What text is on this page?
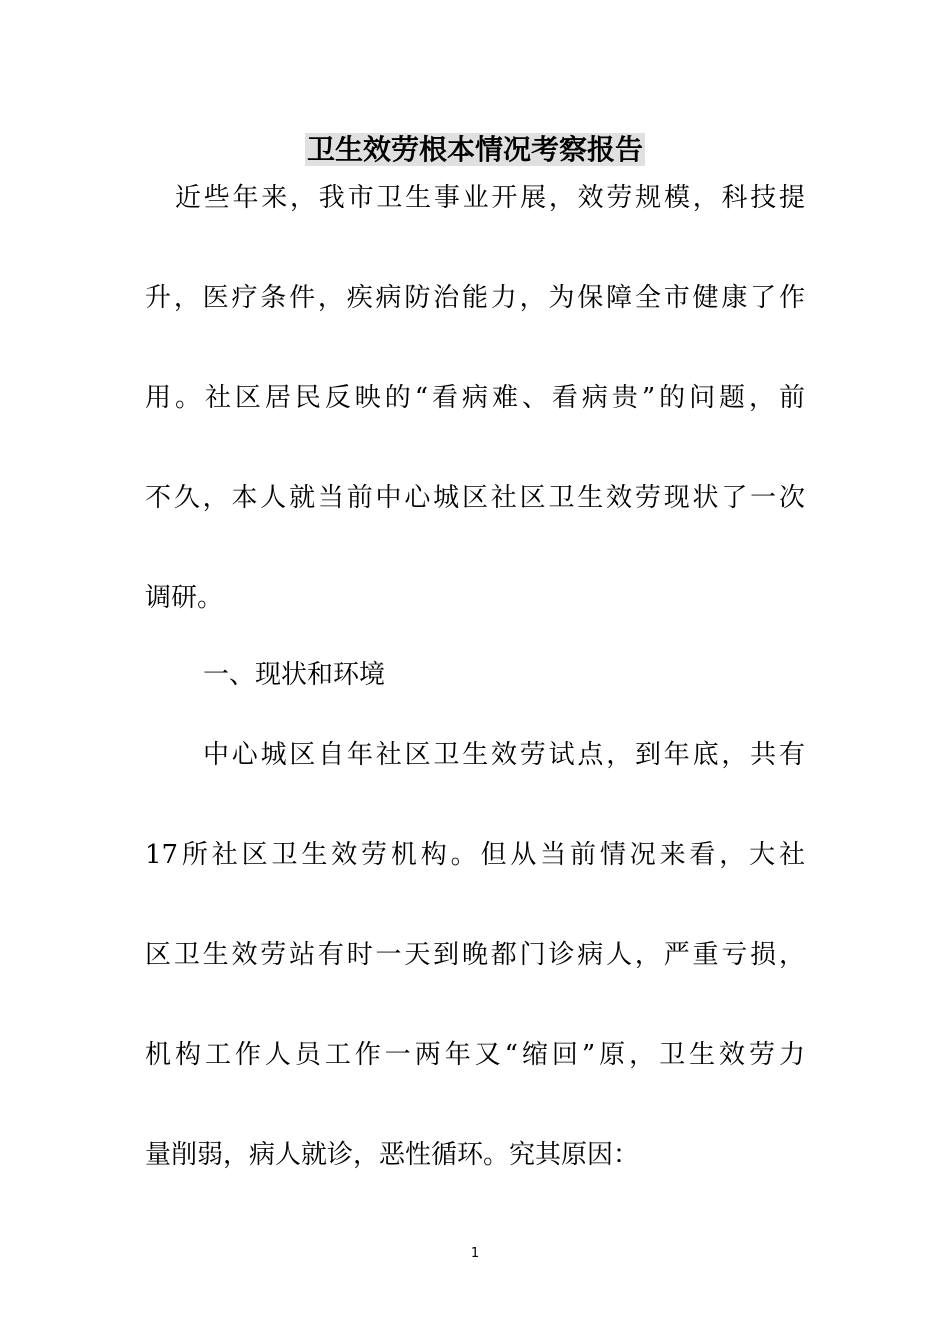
卫生效劳根本情况考察报告
近些年来，我市卫生事业开展，效劳规模，科技提
升，医疗条件，疾病防治能力，为保障全市健康了作
用。社区居民反映的“看病难、看病贵”的问题，前
不久，本人就当前中心城区社区卫生效劳现状了一次
调研。
一、现状和环境
中心城区自年社区卫生效劳试点，到年底，共有
17所社区卫生效劳机构。但从当前情况来看，大社
区卫生效劳站有时一天到晚都门诊病人，严重亏损，
机构工作人员工作一两年又“缩回”原，卫生效劳力
量削弱，病人就诊，恶性循环。究其原因：
1
